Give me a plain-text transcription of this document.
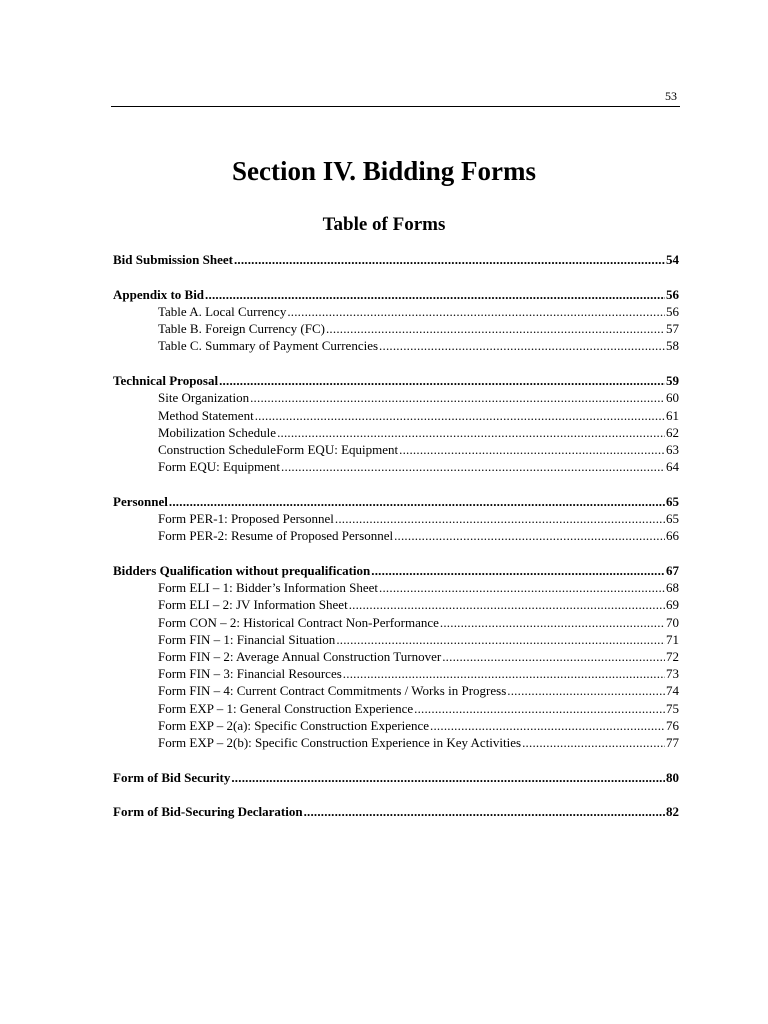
53
Section IV. Bidding Forms
Table of Forms
Bid Submission Sheet .....	54
Appendix to Bid .....	56
Table A. Local Currency .....	56
Table B. Foreign Currency (FC) .....	57
Table C. Summary of Payment Currencies .....	58
Technical Proposal .....	59
Site Organization .....	60
Method Statement .....	61
Mobilization Schedule .....	62
Construction ScheduleForm EQU: Equipment .....	63
Form EQU: Equipment .....	64
Personnel .....	65
Form PER-1: Proposed Personnel .....	65
Form PER-2: Resume of Proposed Personnel .....	66
Bidders Qualification without prequalification .....	67
Form ELI – 1: Bidder’s Information Sheet .....	68
Form ELI – 2: JV Information Sheet .....	69
Form CON – 2: Historical Contract Non-Performance .....	70
Form FIN – 1: Financial Situation .....	71
Form FIN – 2: Average Annual Construction Turnover .....	72
Form FIN – 3: Financial Resources .....	73
Form FIN – 4: Current Contract Commitments / Works in Progress .....	74
Form EXP – 1: General Construction Experience .....	75
Form EXP – 2(a): Specific Construction Experience .....	76
Form EXP – 2(b): Specific Construction Experience in Key Activities .....	77
Form of Bid Security .....	80
Form of Bid-Securing Declaration .....	82
